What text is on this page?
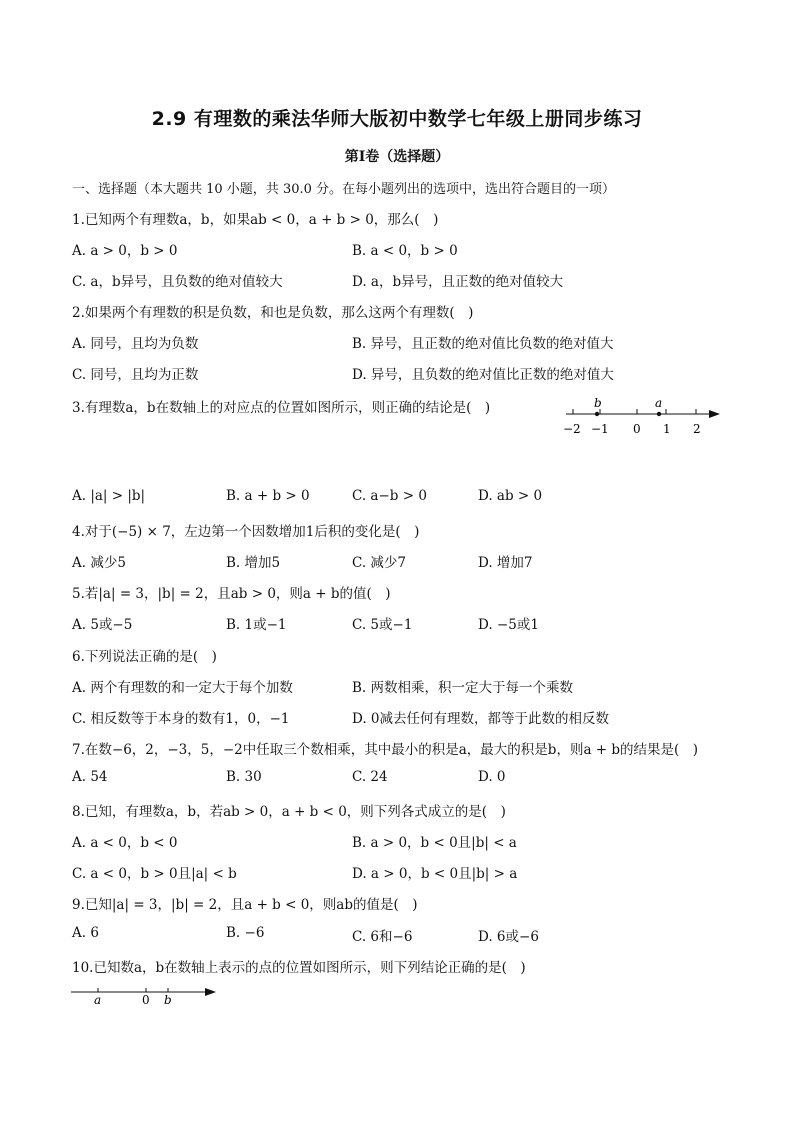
2.9 有理数的乘法华师大版初中数学七年级上册同步练习
第Ⅰ卷（选择题）
一、选择题（本大题共 10 小题，共 30.0 分。在每小题列出的选项中，选出符合题目的一项）
1.已知两个有理数a，b，如果ab < 0，a + b > 0，那么(　)
A. a > 0，b > 0	B. a < 0，b > 0
C. a，b异号，且负数的绝对值较大	D. a，b异号，且正数的绝对值较大
2.如果两个有理数的积是负数，和也是负数，那么这两个有理数(　)
A. 同号，且均为负数	B. 异号，且正数的绝对值比负数的绝对值大
C. 同号，且均为正数	D. 异号，且负数的绝对值比正数的绝对值大
3.有理数a，b在数轴上的对应点的位置如图所示，则正确的结论是(　)	b	a
−2 −1 0 1 2
A. |a| > |b|	B. a + b > 0	C. a−b > 0	D. ab > 0
4.对于(−5) × 7，左边第一个因数增加1后积的变化是(　)
A. 减少5	B. 增加5	C. 减少7	D. 增加7
5.若|a| = 3，|b| = 2，且ab > 0，则a + b的值(　)
A. 5或−5	B. 1或−1	C. 5或−1	D. −5或1
6.下列说法正确的是(　)
A. 两个有理数的和一定大于每个加数	B. 两数相乘，积一定大于每一个乘数
C. 相反数等于本身的数有1，0，−1	D. 0减去任何有理数，都等于此数的相反数
7.在数−6，2，−3，5，−2中任取三个数相乘，其中最小的积是a，最大的积是b，则a + b的结果是(　)
A. 54	B. 30	C. 24	D. 0
8.已知，有理数a，b，若ab > 0，a + b < 0，则下列各式成立的是(　)
A. a < 0，b < 0	B. a > 0，b < 0且|b| < a
C. a < 0，b > 0且|a| < b	D. a > 0，b < 0且|b| > a
9.已知|a| = 3，|b| = 2，且a + b < 0，则ab的值是(　)
A. 6	B. −6	C. 6和−6	D. 6或−6
10.已知数a，b在数轴上表示的点的位置如图所示，则下列结论正确的是(　)
a	0 b
